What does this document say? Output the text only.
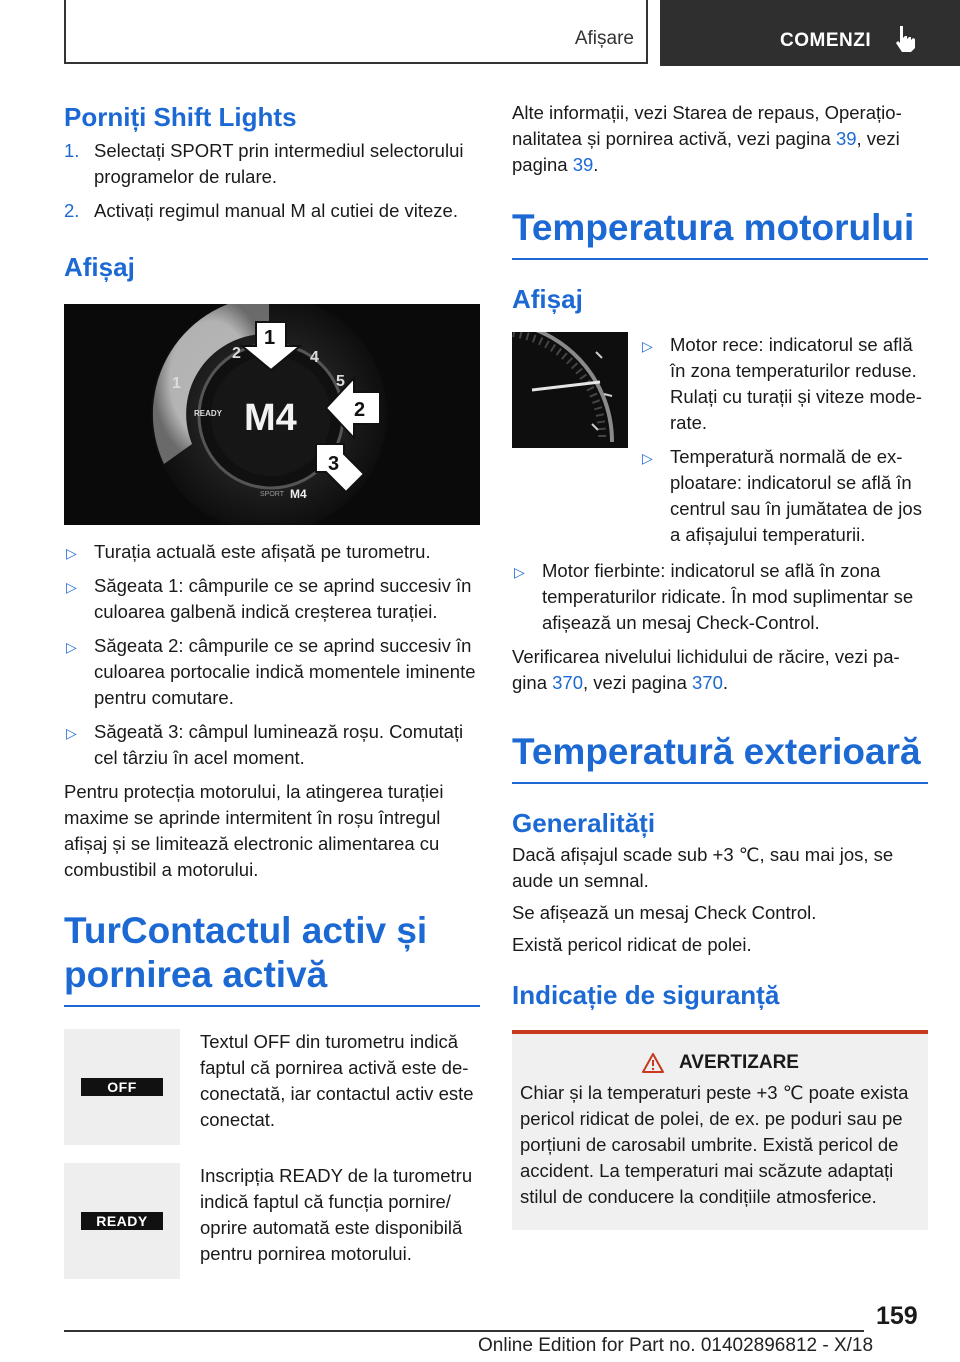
Afișare	COMENZI
Porniți Shift Lights
1. Selectați SPORT prin intermediul selectorului programelor de rulare.
2. Activați regimul manual M al cutiei de viteze.
Afișaj
1
2	4
5
M4
READY
SPORT M4
1
2
3
▷ Turația actuală este afișată pe turometru.
▷ Săgeata 1: câmpurile ce se aprind succesiv în culoarea galbenă indică creșterea turației.
▷ Săgeata 2: câmpurile ce se aprind succesiv în culoarea portocalie indică momentele iminente pentru comutare.
▷ Săgeată 3: câmpul luminează roșu. Comutați cel târziu în acel moment.

Pentru protecția motorului, la atingerea turației maxime se aprinde intermitent în roșu întregul afișaj și se limitează electronic alimentarea cu combustibil a motorului.

TurContactul activ și pornirea activă
OFF
Textul OFF din turometru indică faptul că pornirea activă este deconectată, iar contactul activ este conectat.
READY
Inscripția READY de la turometru indică faptul că funcția pornire/ oprire automată este disponibilă pentru pornirea motorului.

Alte informații, vezi Starea de repaus, Operaționalitatea și pornirea activă, vezi pagina 39, vezi pagina 39.

Temperatura motorului
Afișaj
▷ Motor rece: indicatorul se află în zona temperaturilor reduse. Rulați cu turații și viteze moderate.
▷ Temperatură normală de exploatare: indicatorul se află în centrul sau în jumătatea de jos a afișajului temperaturii.
▷ Motor fierbinte: indicatorul se află în zona temperaturilor ridicate. În mod suplimentar se afișează un mesaj Check-Control.

Verificarea nivelului lichidului de răcire, vezi pagina 370, vezi pagina 370.

Temperatură exterioară
Generalități

Dacă afișajul scade sub +3 ℃, sau mai jos, se aude un semnal.

Se afișează un mesaj Check Control.

Există pericol ridicat de polei.

Indicație de siguranță
AVERTIZARE

Chiar și la temperaturi peste +3 ℃ poate exista pericol ridicat de polei, de ex. pe poduri sau pe porțiuni de carosabil umbrite. Există pericol de accident. La temperaturi mai scăzute adaptați stilul de conducere la condițiile atmosferice.

159
Online Edition for Part no. 01402896812 - X/18
